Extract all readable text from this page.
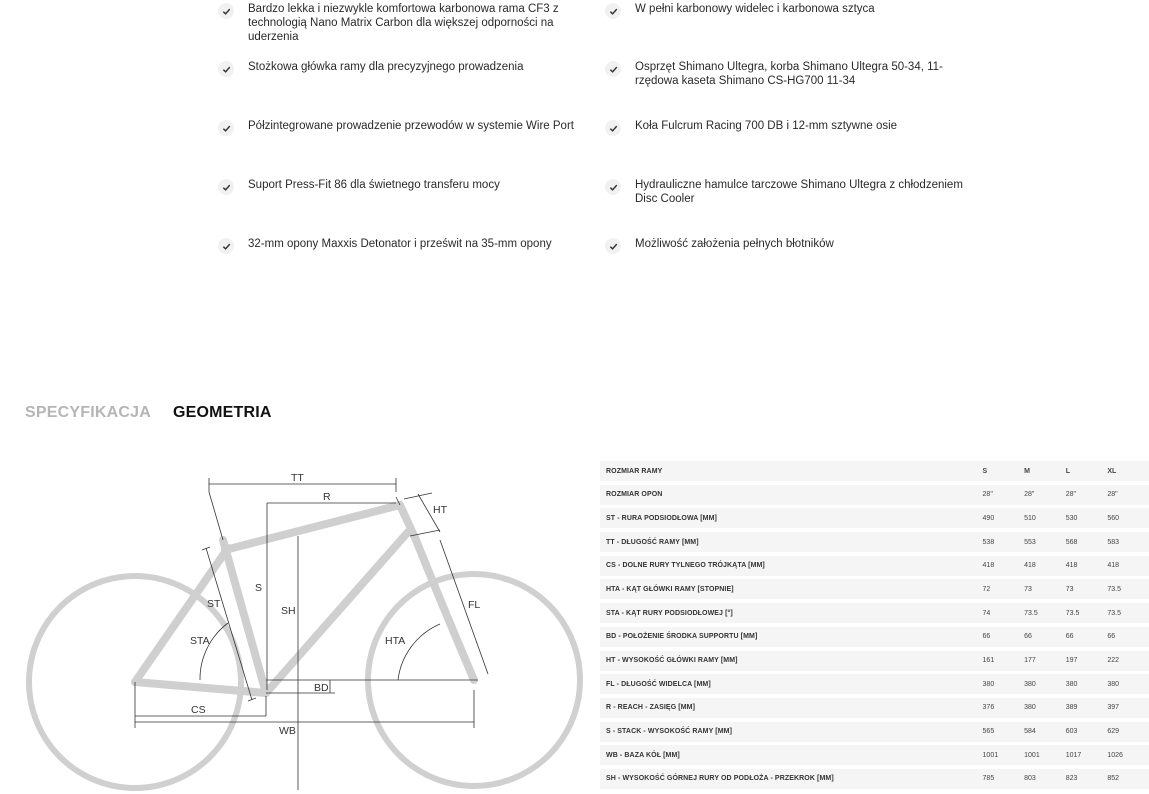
Bardzo lekka i niezwykle komfortowa karbonowa rama CF3 z technologią Nano Matrix Carbon dla większej odporności na uderzenia
W pełni karbonowy widelec i karbonowa sztyca
Stożkowa główka ramy dla precyzyjnego prowadzenia	Osprzęt Shimano Ultegra, korba Shimano Ultegra 50-34, 11-rzędowa kaseta Shimano CS-HG700 11-34
Półzintegrowane prowadzenie przewodów w systemie Wire Port	Koła Fulcrum Racing 700 DB i 12-mm sztywne osie
Suport Press-Fit 86 dla świetnego transferu mocy	Hydrauliczne hamulce tarczowe Shimano Ultegra z chłodzeniem Disc Cooler
32-mm opony Maxxis Detonator i prześwit na 35-mm opony	Możliwość założenia pełnych błotników
SPECYFIKACJA GEOMETRIA
TT
R
HT
ST
S
SH
STA	HTA
FL
BD
CS
WB
ROZMIAR RAMY	S	M	L	XL
ROZMIAR OPON	28"	28"	28"	28"
ST - RURA PODSIODŁOWA [MM]	490	510	530	560
TT - DŁUGOŚĆ RAMY [MM]	538	553	568	583
CS - DOLNE RURY TYLNEGO TRÓJKĄTA [MM]	418	418	418	418
HTA - KĄT GŁÓWKI RAMY [STOPNIE]	72	73	73	73.5
STA - KĄT RURY PODSIODŁOWEJ [°]	74	73.5	73.5	73.5
BD - POŁOŻENIE ŚRODKA SUPPORTU [MM]	66	66	66	66
HT - WYSOKOŚĆ GŁÓWKI RAMY [MM]	161	177	197	222
FL - DŁUGOŚĆ WIDELCA [MM]	380	380	380	380
R - REACH - ZASIĘG [MM]	376	380	389	397
S - STACK - WYSOKOŚĆ RAMY [MM]	565	584	603	629
WB - BAZA KÓŁ [MM]	1001	1001	1017	1026
SH - WYSOKOŚĆ GÓRNEJ RURY OD PODŁOŻA - PRZEKROK [MM]	785	803	823	852
